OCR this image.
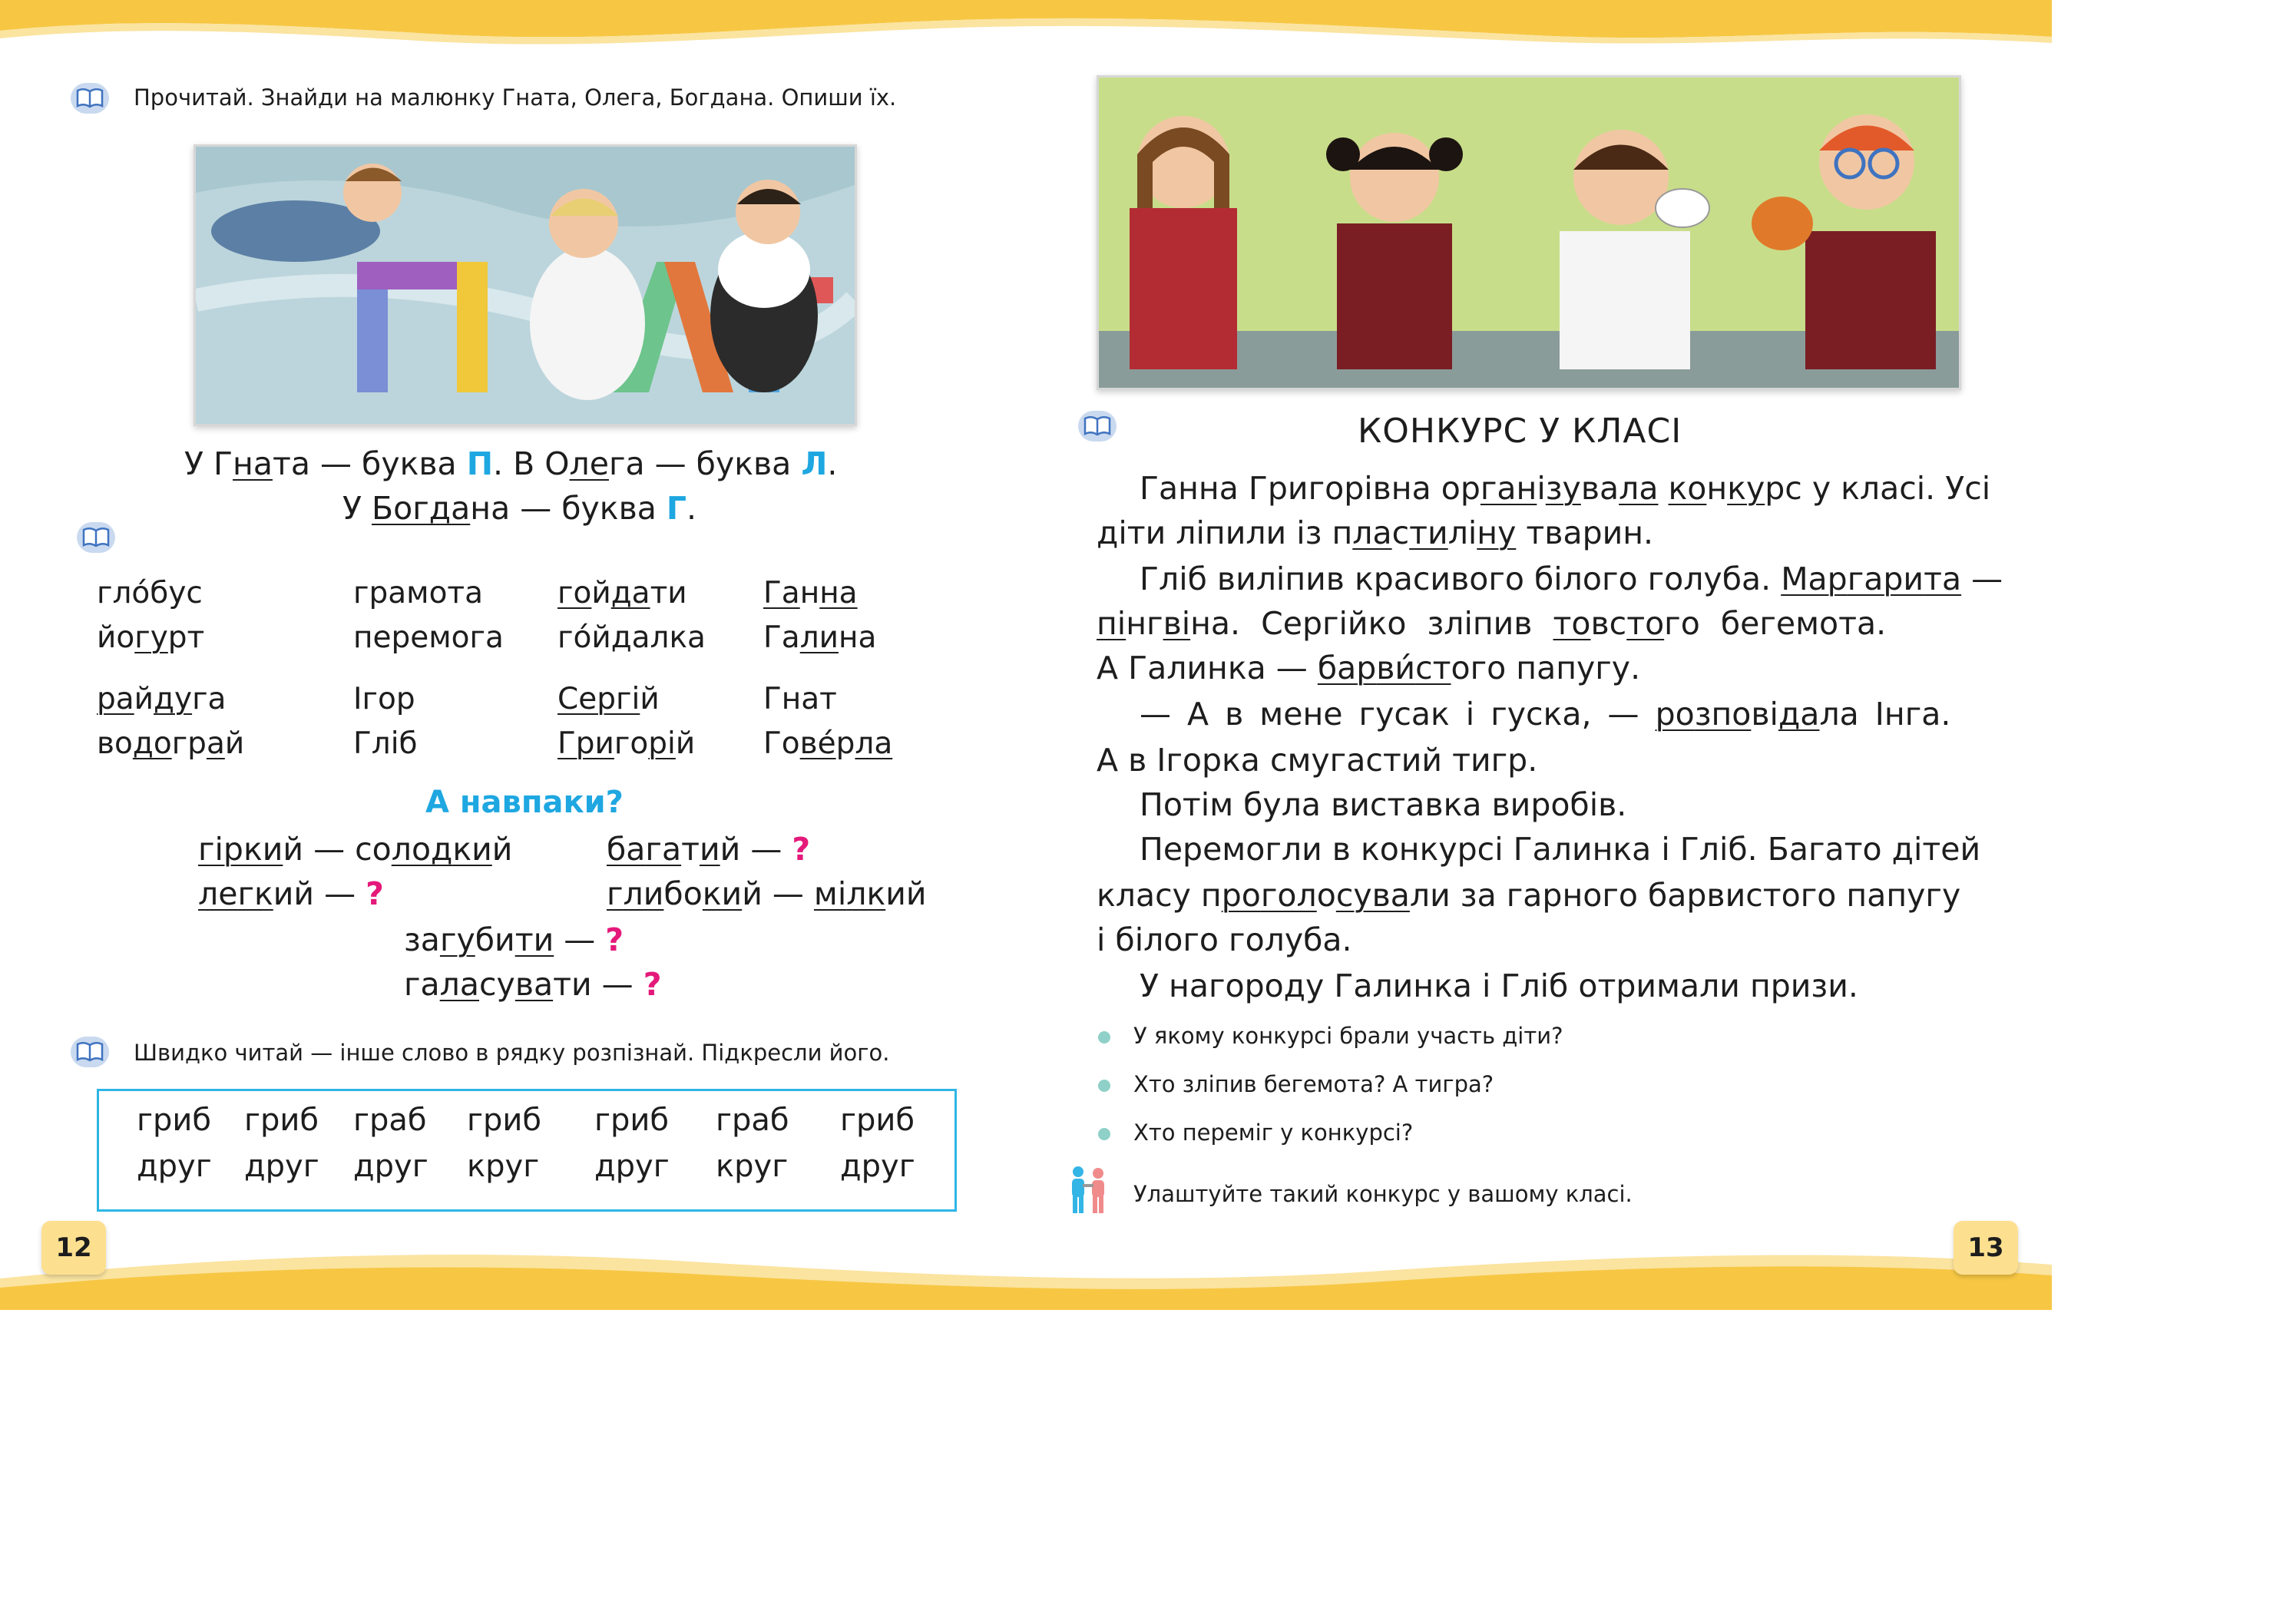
Прочитай. Знайди на малюнку Гната, Олега, Богдана. Опиши їх.
У Гната — буква П. В Олега — буква Л.
У Богдана — буква Г.
гло́бус	грамота гойдати	Ганна
йогурт	перемога го́йдалка Галина
райдуга	Ігор	Сергій	Гнат
водограй	Гліб	Григорій Гове́рла
А навпаки?
гіркий — солодкий	багатий — ?
легкий — ?	глибокий — мілкий
загубити — ?
галасувати — ?
Швидко читай — інше слово в рядку розпізнай. Підкресли його.
гриб гриб граб гриб гриб граб гриб
друг друг друг круг друг круг друг
КОНКУРС У КЛАСІ
Ганна Григорівна організувала конкурс у класі. Усі
діти ліпили із пластиліну тварин.
Гліб виліпив красивого білого голуба. Маргарита —
пінгвіна. Сергійко зліпив товстого бегемота.
А Галинка — барви́стого папугу.
— А в мене гусак і гуска, — розповідала Інга.
А в Ігорка смугастий тигр.
Потім була виставка виробів.
Перемогли в конкурсі Галинка і Гліб. Багато дітей
класу проголосували за гарного барвистого папугу
і білого голуба.
У нагороду Галинка і Гліб отримали призи.
У якому конкурсі брали участь діти?
Хто зліпив бегемота? А тигра?
Хто переміг у конкурсі?
Улаштуйте такий конкурс у вашому класі.
12	13
